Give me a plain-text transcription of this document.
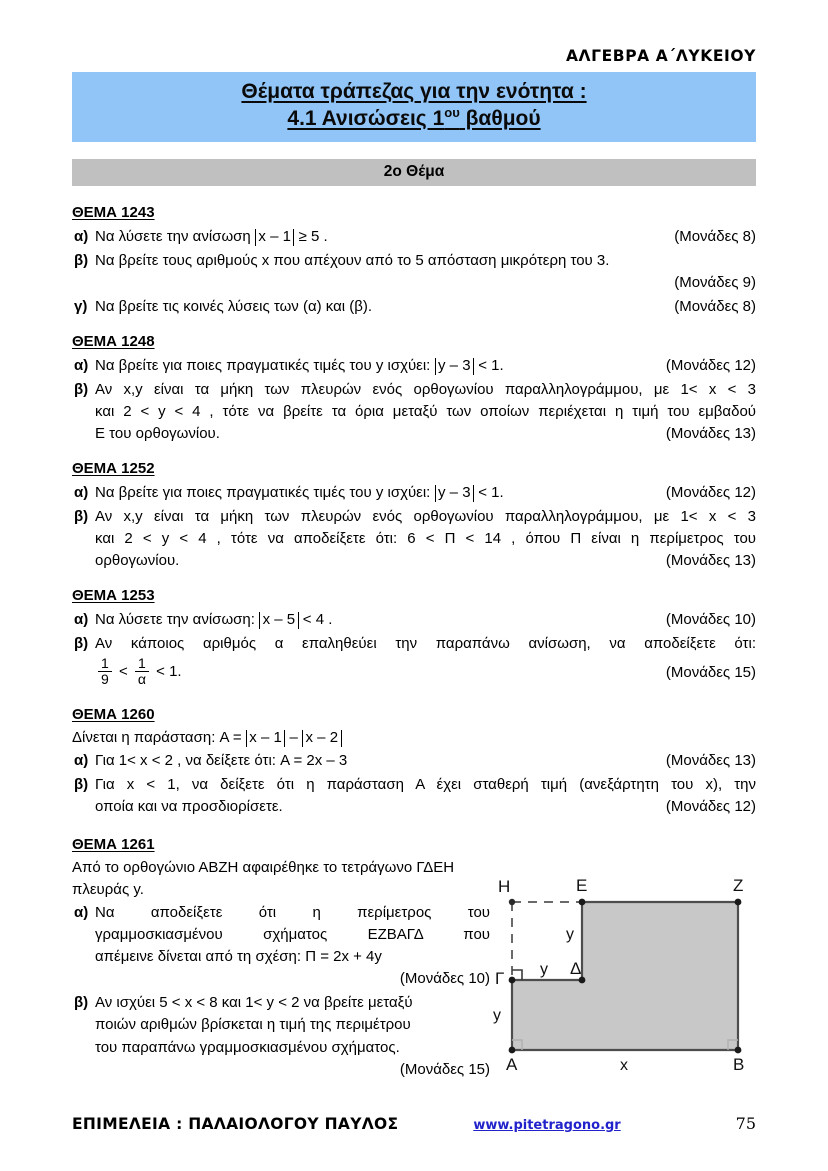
ΑΛΓΕΒΡΑ Α΄ΛΥΚΕΙΟΥ
Θέματα τράπεζας για την ενότητα :
4.1 Ανισώσεις $1^{o\upsilon}$ βαθμού
2ο Θέμα
ΘΕΜΑ 1243
α) Να λύσετε την ανίσωση x – 1 ≥ 5 .	(Μονάδες 8)
β) Να βρείτε τους αριθμούς x που απέχουν από το 5 απόσταση μικρότερη του 3.
(Μονάδες 9)
γ) Να βρείτε τις κοινές λύσεις των (α) και (β).	(Μονάδες 8)
ΘΕΜΑ 1248
α) Να βρείτε για ποιες πραγματικές τιμές του y ισχύει: y – 3 < 1.	(Μονάδες 12)
β) Αν x,y είναι τα μήκη των πλευρών ενός ορθογωνίου παραλληλογράμμου, με 1< x < 3
και 2 < y < 4 , τότε να βρείτε τα όρια μεταξύ των οποίων περιέχεται η τιμή του εμβαδού
Ε του ορθογωνίου.	(Μονάδες 13)
ΘΕΜΑ 1252
α) Να βρείτε για ποιες πραγματικές τιμές του y ισχύει: y – 3 < 1.	(Μονάδες 12)
β) Αν x,y είναι τα μήκη των πλευρών ενός ορθογωνίου παραλληλογράμμου, με 1< x < 3
και 2 < y < 4 , τότε να αποδείξετε ότι: 6 < Π < 14 , όπου Π είναι η περίμετρος του
ορθογωνίου.	(Μονάδες 13)
ΘΕΜΑ 1253
α) Να λύσετε την ανίσωση: x – 5 < 4 .	(Μονάδες 10)
β) Αν κάποιος αριθμός α επαληθεύει την παραπάνω ανίσωση, να αποδείξετε ότι:
$\frac{1}{9} < \frac{1}{\alpha} < 1$.	(Μονάδες 15)
ΘΕΜΑ 1260
Δίνεται η παράσταση: A = x – 1 – x – 2
α) Για 1< x < 2 , να δείξετε ότι: A = 2x – 3	(Μονάδες 13)
β) Για x < 1, να δείξετε ότι η παράσταση Α έχει σταθερή τιμή (ανεξάρτητη του x), την
οποία και να προσδιορίσετε.	(Μονάδες 12)
ΘΕΜΑ 1261
Από το ορθογώνιο ΑΒΖΗ αφαιρέθηκε το τετράγωνο ΓΔΕΗ πλευράς y.
α) Να αποδείξετε ότι η περίμετρος του
γραμμοσκιασμένου σχήματος ΕΖΒΑΓΔ που
απέμεινε δίνεται από τη σχέση: Π = 2x + 4y
(Μονάδες 10)
β) Αν ισχύει 5 < x < 8 και 1< y < 2 να βρείτε μεταξύ
ποιών αριθμών βρίσκεται η τιμή της περιμέτρου
του παραπάνω γραμμοσκιασμένου σχήματος.
(Μονάδες 15)
H	E	Z
Γ
Δ
A	B
y
y
y
x
ΕΠΙΜΕΛΕΙΑ : ΠΑΛΑΙΟΛΟΓΟΥ ΠΑΥΛΟΣ	www.pitetragono.gr	75
